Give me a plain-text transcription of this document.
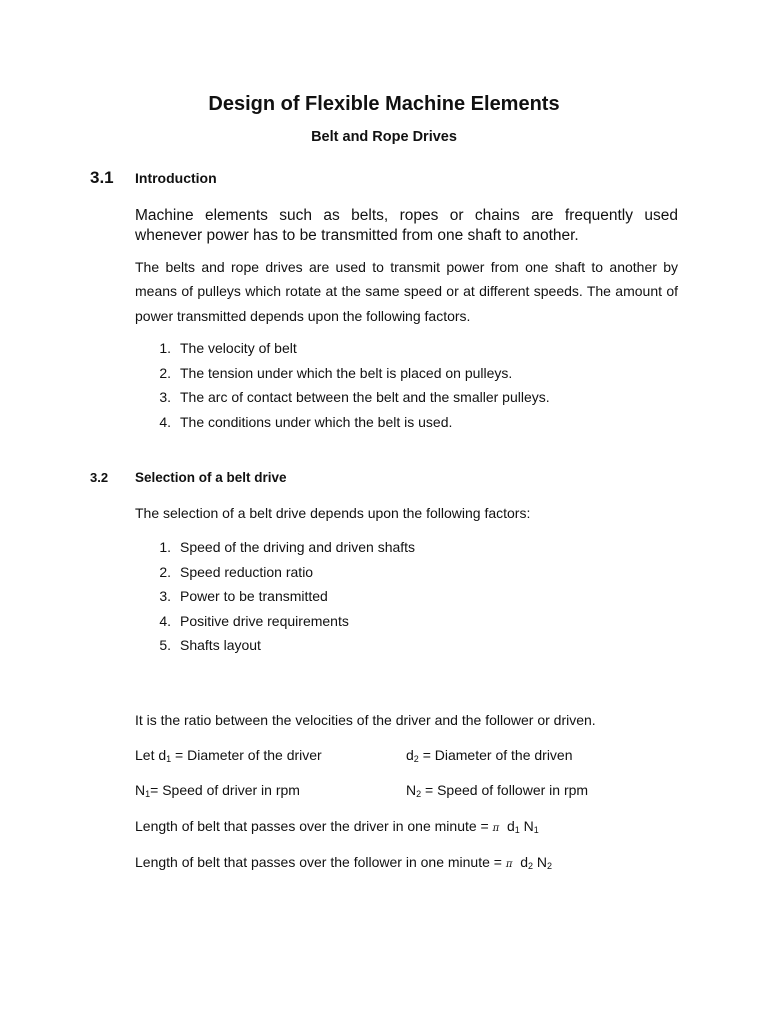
Design of Flexible Machine Elements
Belt and Rope Drives
3.1 Introduction
Machine elements such as belts, ropes or chains are frequently used whenever power has to be transmitted from one shaft to another.
The belts and rope drives are used to transmit power from one shaft to another by means of pulleys which rotate at the same speed or at different speeds. The amount of power transmitted depends upon the following factors.
1. The velocity of belt
2. The tension under which the belt is placed on pulleys.
3. The arc of contact between the belt and the smaller pulleys.
4. The conditions under which the belt is used.
3.2 Selection of a belt drive
The selection of a belt drive depends upon the following factors:
1. Speed of the driving and driven shafts
2. Speed reduction ratio
3. Power to be transmitted
4. Positive drive requirements
5. Shafts layout
It is the ratio between the velocities of the driver and the follower or driven.
Let $d_1$ = Diameter of the driver	$d_2$ = Diameter of the driven
$N_1=$ Speed of driver in rpm	$N_2$ = Speed of follower in rpm
Length of belt that passes over the driver in one minute = π $d_1$ $N_1$
Length of belt that passes over the follower in one minute = π $d_2$ $N_2$
